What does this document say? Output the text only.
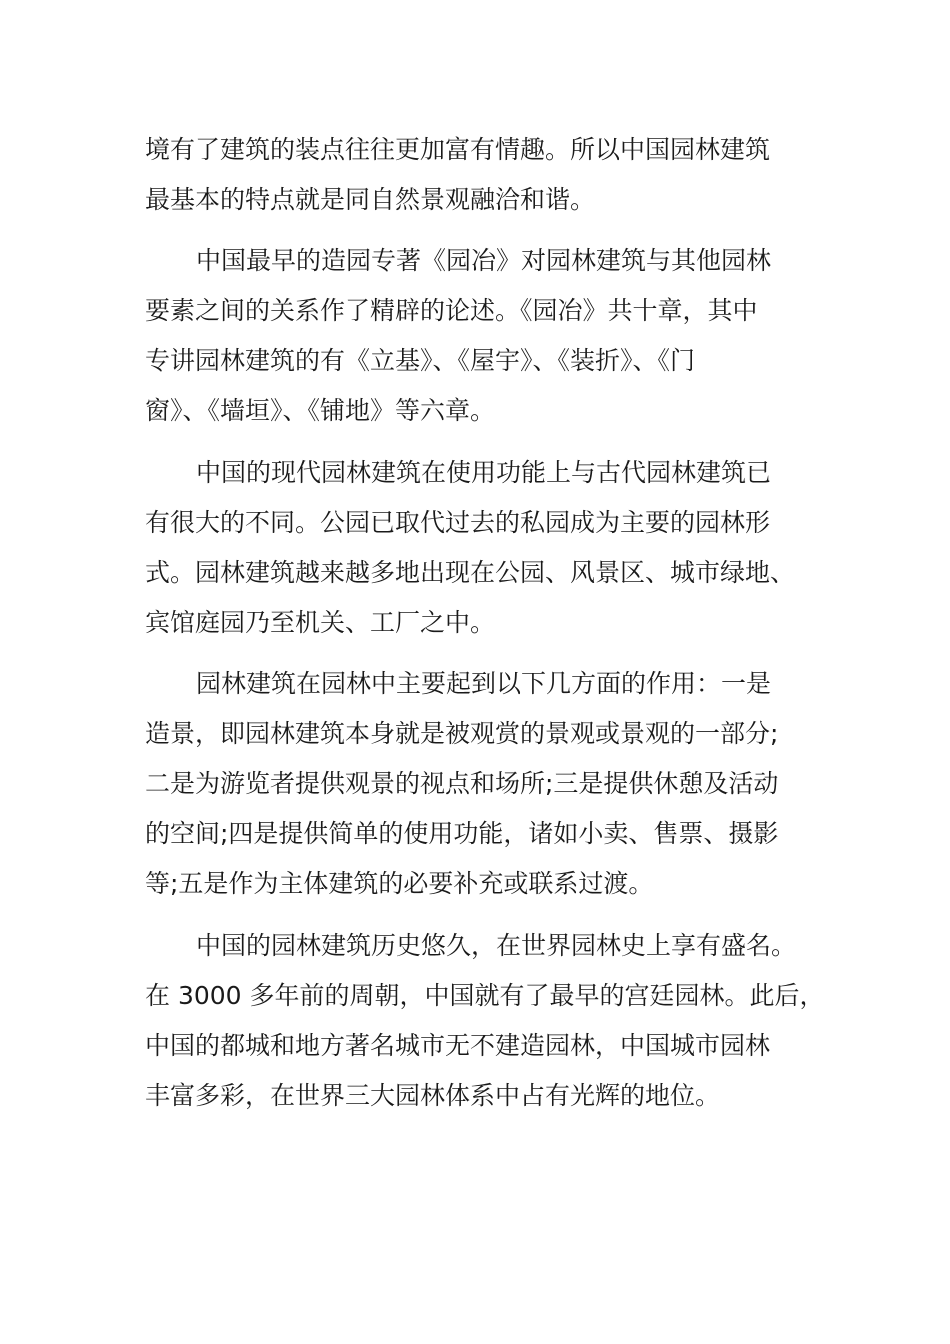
境有了建筑的装点往往更加富有情趣。所以中国园林建筑

最基本的特点就是同自然景观融洽和谐。

中国最早的造园专著《园冶》对园林建筑与其他园林

要素之间的关系作了精辟的论述。《园冶》共十章，其中

专讲园林建筑的有《立基》、《屋宇》、《装折》、《门

窗》、《墙垣》、《铺地》等六章。

中国的现代园林建筑在使用功能上与古代园林建筑已

有很大的不同。公园已取代过去的私园成为主要的园林形

式。园林建筑越来越多地出现在公园、风景区、城市绿地、

宾馆庭园乃至机关、工厂之中。

园林建筑在园林中主要起到以下几方面的作用：一是

造景，即园林建筑本身就是被观赏的景观或景观的一部分;

二是为游览者提供观景的视点和场所;三是提供休憩及活动

的空间;四是提供简单的使用功能，诸如小卖、售票、摄影

等;五是作为主体建筑的必要补充或联系过渡。

中国的园林建筑历史悠久，在世界园林史上享有盛名。

在 3000 多年前的周朝，中国就有了最早的宫廷园林。此后，

中国的都城和地方著名城市无不建造园林，中国城市园林

丰富多彩，在世界三大园林体系中占有光辉的地位。
